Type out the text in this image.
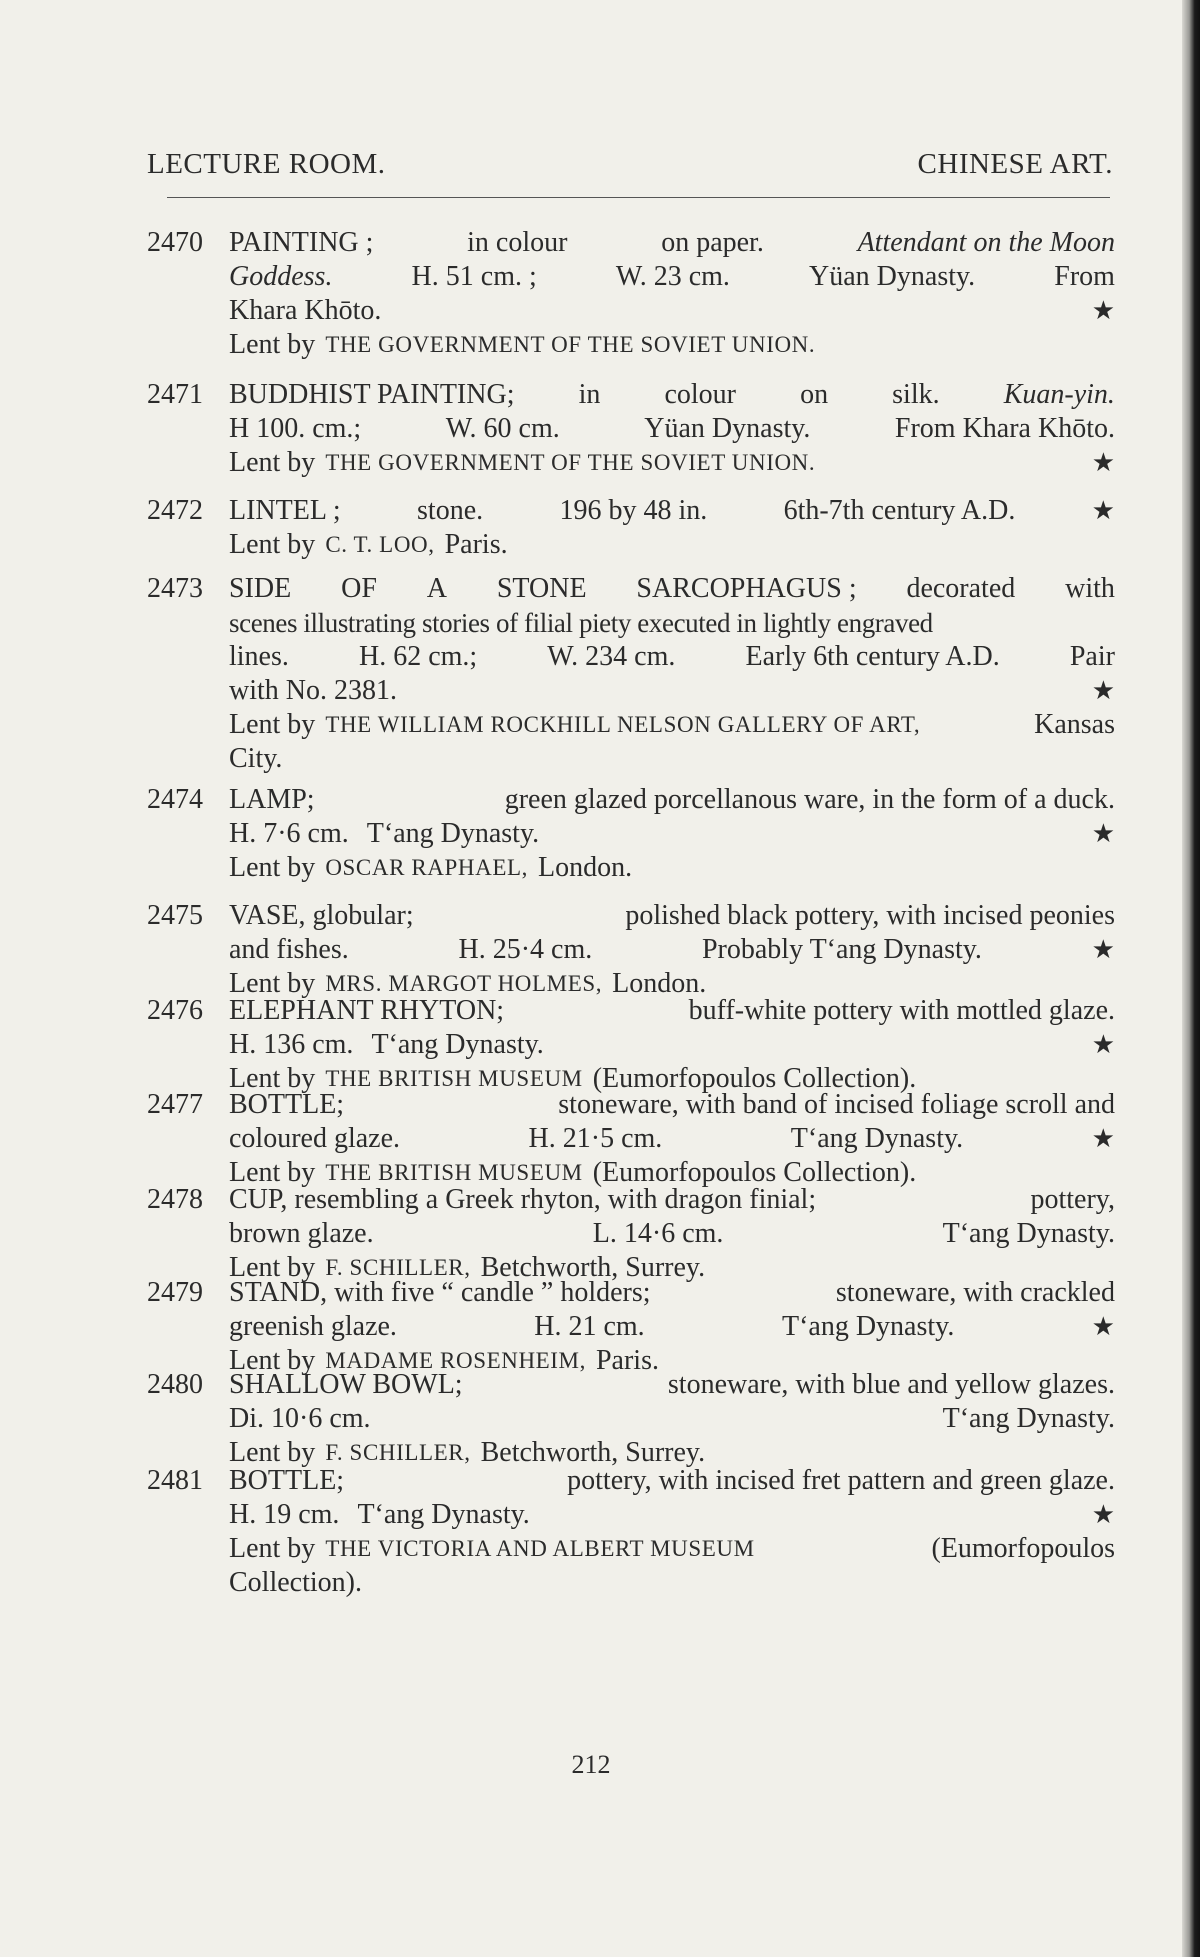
LECTURE ROOM.	CHINESE ART.
2470 PAINTING ;	in colour	on paper.	Attendant on the Moon
Goddess.	H. 51 cm. ;	W. 23 cm.	Yüan Dynasty.	From
Khara Khōto.	★
Lent by THE GOVERNMENT OF THE SOVIET UNION.
2471 BUDDHIST PAINTING; in colour on silk. Kuan-yin.
H 100. cm.;	W. 60 cm.	Yüan Dynasty.	From Khara Khōto.
Lent by THE GOVERNMENT OF THE SOVIET UNION.	★
2472 LINTEL ;	stone.	196 by 48 in.	6th-7th century A.D.	★
Lent by C. T. LOO, Paris.
2473 SIDE OF A STONE SARCOPHAGUS ; decorated with
scenes illustrating stories of filial piety executed in lightly engraved
lines.	H. 62 cm.;	W. 234 cm.	Early 6th century A.D.	Pair
with No. 2381.	★
Lent by THE WILLIAM ROCKHILL NELSON GALLERY OF ART,	Kansas
City.
2474 LAMP;	green glazed porcellanous ware, in the form of a duck.
H. 7·6 cm. T‘ang Dynasty.	★
Lent by OSCAR RAPHAEL, London.
2475 VASE, globular;	polished black pottery, with incised peonies
and fishes.	H. 25·4 cm.	Probably T‘ang Dynasty.	★
Lent by MRS. MARGOT HOLMES, London.
2476 ELEPHANT RHYTON;	buff-white pottery with mottled glaze.
H. 136 cm. T‘ang Dynasty.	★
Lent by THE BRITISH MUSEUM (Eumorfopoulos Collection).
2477 BOTTLE;	stoneware, with band of incised foliage scroll and
coloured glaze.	H. 21·5 cm.	T‘ang Dynasty.	★
Lent by THE BRITISH MUSEUM (Eumorfopoulos Collection).
2478 CUP, resembling a Greek rhyton, with dragon finial;	pottery,
brown glaze.	L. 14·6 cm.	T‘ang Dynasty.
Lent by F. SCHILLER, Betchworth, Surrey.
2479 STAND, with five “ candle ” holders;	stoneware, with crackled
greenish glaze.	H. 21 cm.	T‘ang Dynasty.	★
Lent by MADAME ROSENHEIM, Paris.
2480 SHALLOW BOWL;	stoneware, with blue and yellow glazes.
Di. 10·6 cm.	T‘ang Dynasty.
Lent by F. SCHILLER, Betchworth, Surrey.
2481 BOTTLE;	pottery, with incised fret pattern and green glaze.
H. 19 cm. T‘ang Dynasty.	★
Lent by THE VICTORIA AND ALBERT MUSEUM	(Eumorfopoulos
Collection).
212
